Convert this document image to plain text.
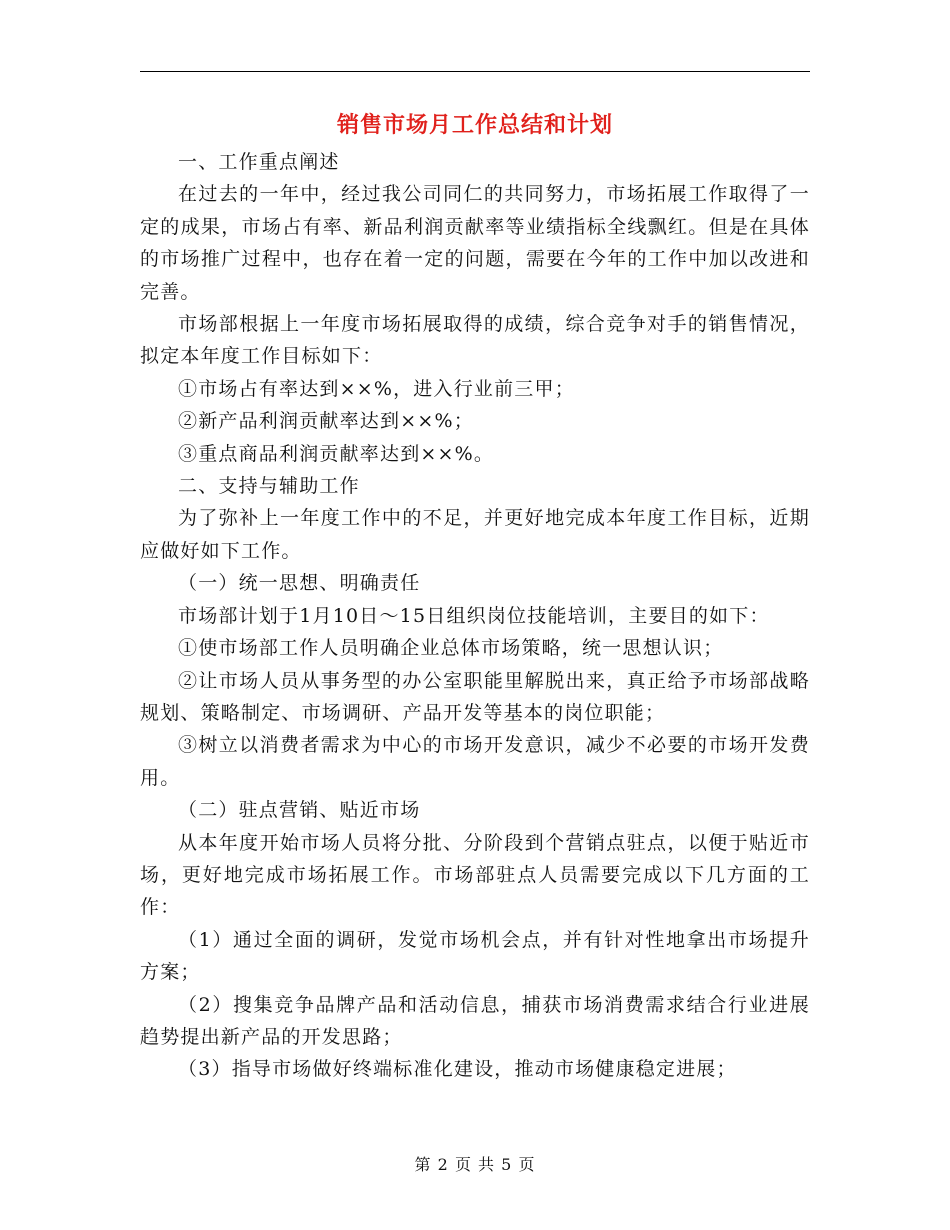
销售市场月工作总结和计划

一、工作重点阐述

在过去的一年中，经过我公司同仁的共同努力，市场拓展工作取得了一定的成果，市场占有率、新品利润贡献率等业绩指标全线飘红。但是在具体的市场推广过程中，也存在着一定的问题，需要在今年的工作中加以改进和完善。

市场部根据上一年度市场拓展取得的成绩，综合竞争对手的销售情况，拟定本年度工作目标如下：

①市场占有率达到××%，进入行业前三甲；

②新产品利润贡献率达到××%；

③重点商品利润贡献率达到××%。

二、支持与辅助工作

为了弥补上一年度工作中的不足，并更好地完成本年度工作目标，近期应做好如下工作。

（一）统一思想、明确责任

市场部计划于1月10日～15日组织岗位技能培训，主要目的如下：

①使市场部工作人员明确企业总体市场策略，统一思想认识；

②让市场人员从事务型的办公室职能里解脱出来，真正给予市场部战略规划、策略制定、市场调研、产品开发等基本的岗位职能；

③树立以消费者需求为中心的市场开发意识，减少不必要的市场开发费用。

（二）驻点营销、贴近市场

从本年度开始市场人员将分批、分阶段到个营销点驻点，以便于贴近市场，更好地完成市场拓展工作。市场部驻点人员需要完成以下几方面的工作：

（1）通过全面的调研，发觉市场机会点，并有针对性地拿出市场提升方案；

（2）搜集竞争品牌产品和活动信息，捕获市场消费需求结合行业进展趋势提出新产品的开发思路；

（3）指导市场做好终端标准化建设，推动市场健康稳定进展；

第 2 页 共 5 页
